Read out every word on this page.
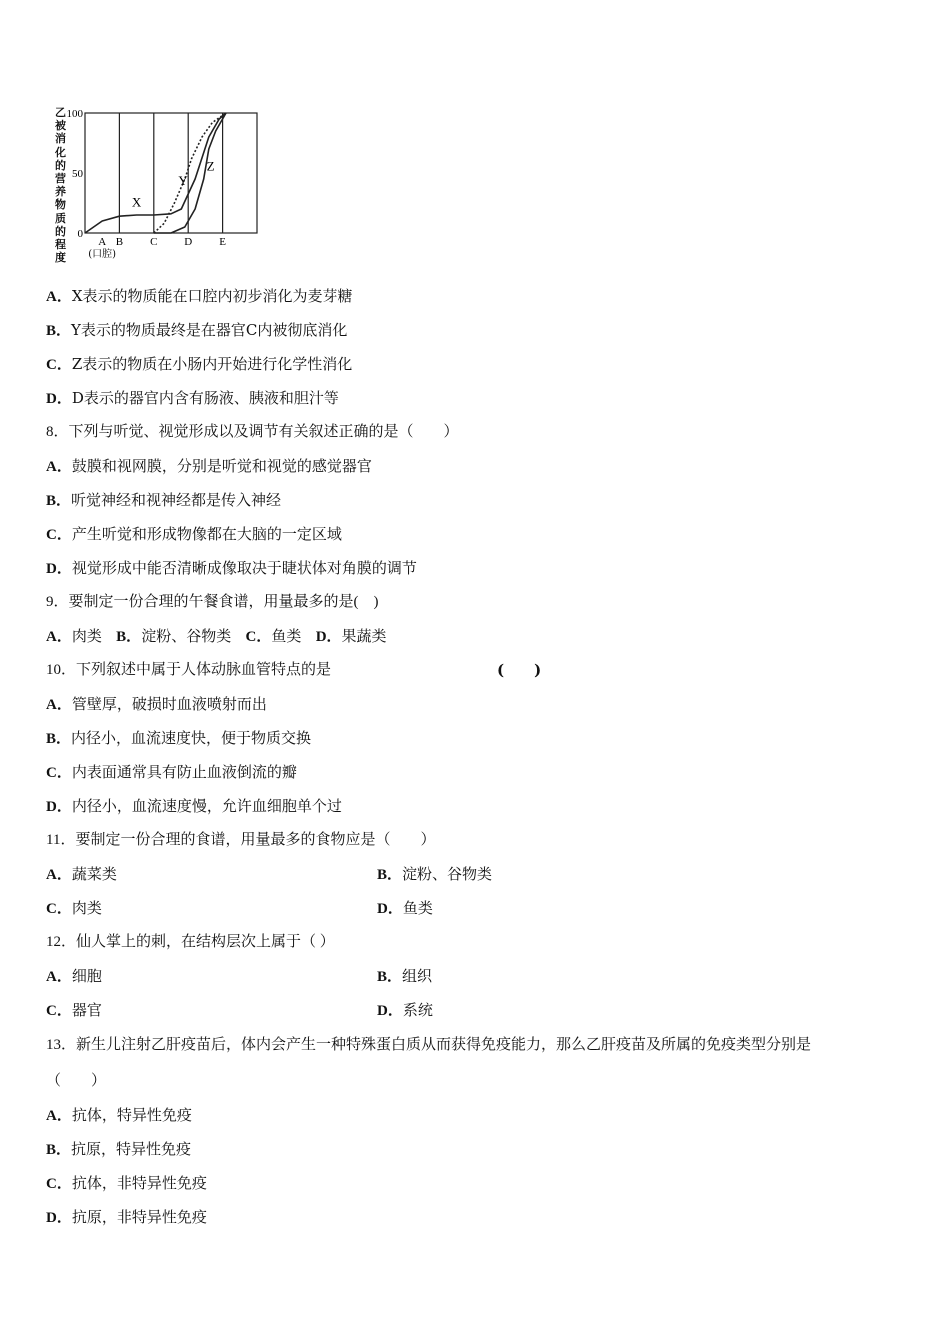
乙被消化的营养物质的程度
0
50
100
X
Y
Z
A B C D E
(口腔)
A．X表示的物质能在口腔内初步消化为麦芽糖
B．Y表示的物质最终是在器官C内被彻底消化
C．Z表示的物质在小肠内开始进行化学性消化
D．D表示的器官内含有肠液、胰液和胆汁等
8．下列与听觉、视觉形成以及调节有关叙述正确的是（　　）
A．鼓膜和视网膜，分别是听觉和视觉的感觉器官
B．听觉神经和视神经都是传入神经
C．产生听觉和形成物像都在大脑的一定区域
D．视觉形成中能否清晰成像取决于睫状体对角膜的调节
9．要制定一份合理的午餐食谱，用量最多的是(　)
A．肉类 B．淀粉、谷物类 C．鱼类 D．果蔬类
10．下列叙述中属于人体动脉血管特点的是	(　　)
A．管壁厚，破损时血液喷射而出
B．内径小，血流速度快，便于物质交换
C．内表面通常具有防止血液倒流的瓣
D．内径小，血流速度慢，允许血细胞单个过
11．要制定一份合理的食谱，用量最多的食物应是（　　）
A．蔬菜类	B．淀粉、谷物类
C．肉类	D．鱼类
12．仙人掌上的刺，在结构层次上属于（ ）
A．细胞	B．组织
C．器官	D．系统
13．新生儿注射乙肝疫苗后，体内会产生一种特殊蛋白质从而获得免疫能力，那么乙肝疫苗及所属的免疫类型分别是
（　　）
A．抗体，特异性免疫
B．抗原，特异性免疫
C．抗体，非特异性免疫
D．抗原，非特异性免疫
